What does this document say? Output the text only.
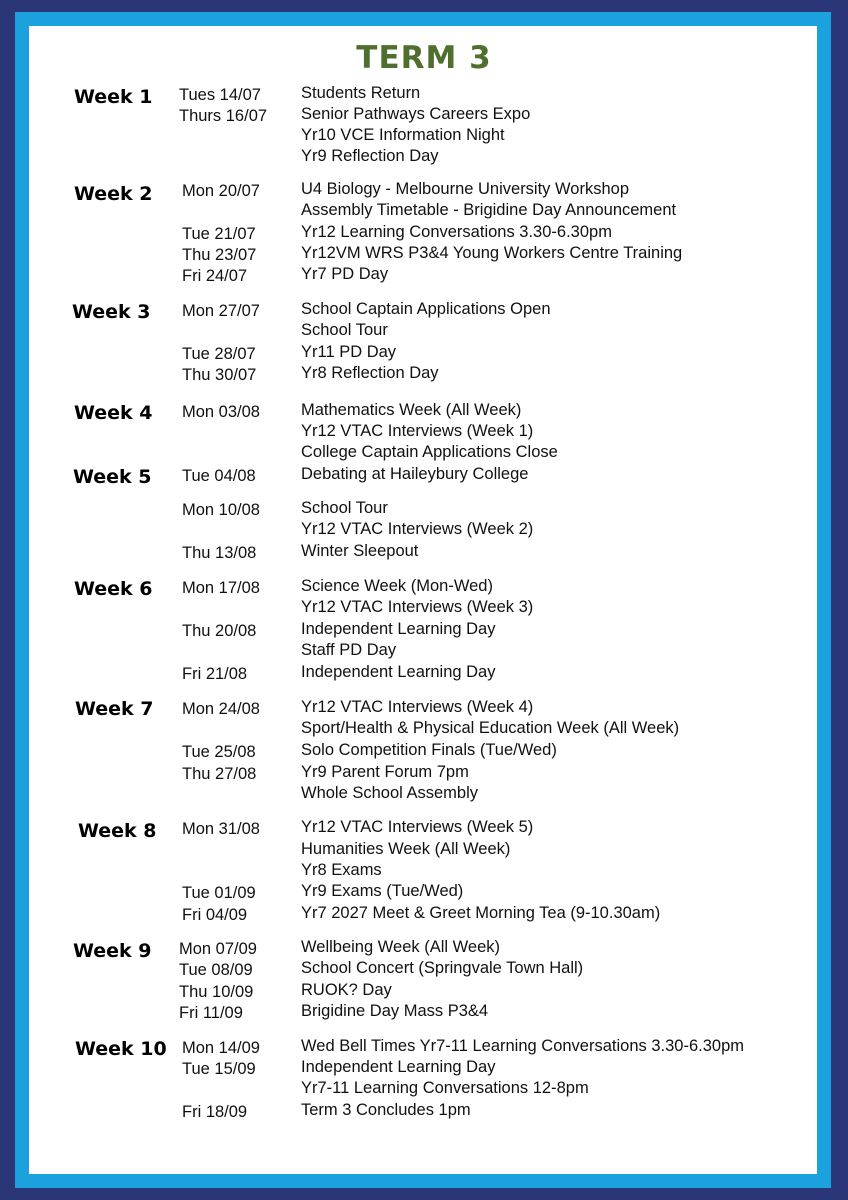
TERM 3
Week 1 Tues 14/07 Students Return
Thurs 16/07 Senior Pathways Careers Expo
Yr10 VCE Information Night
Yr9 Reflection Day
Week 2 Mon 20/07 U4 Biology - Melbourne University Workshop
Assembly Timetable - Brigidine Day Announcement
Tue 21/07	Yr12 Learning Conversations 3.30-6.30pm
Thu 23/07	Yr12VM WRS P3&4 Young Workers Centre Training
Fri 24/07	Yr7 PD Day
Week 3 Mon 27/07 School Captain Applications Open
School Tour
Tue 28/07	Yr11 PD Day
Thu 30/07	Yr8 Reflection Day
Week 4 Mon 03/08 Mathematics Week (All Week)
Yr12 VTAC Interviews (Week 1)
College Captain Applications Close
Week 5 Tue 04/08	Debating at Haileybury College
Mon 10/08 School Tour
Yr12 VTAC Interviews (Week 2)
Thu 13/08	Winter Sleepout
Week 6 Mon 17/08 Science Week (Mon-Wed)
Yr12 VTAC Interviews (Week 3)
Thu 20/08	Independent Learning Day
Staff PD Day
Fri 21/08	Independent Learning Day
Week 7 Mon 24/08 Yr12 VTAC Interviews (Week 4)
Sport/Health & Physical Education Week (All Week)
Tue 25/08	Solo Competition Finals (Tue/Wed)
Thu 27/08	Yr9 Parent Forum 7pm
Whole School Assembly
Week 8 Mon 31/08 Yr12 VTAC Interviews (Week 5)
Humanities Week (All Week)
Yr8 Exams
Tue 01/09	Yr9 Exams (Tue/Wed)
Fri 04/09	Yr7 2027 Meet & Greet Morning Tea (9-10.30am)
Week 9 Mon 07/09	Wellbeing Week (All Week)
Tue 08/09	School Concert (Springvale Town Hall)
Thu 10/09	RUOK? Day
Fri 11/09	Brigidine Day Mass P3&4
Week 10 Mon 14/09 Wed Bell Times Yr7-11 Learning Conversations 3.30-6.30pm
Tue 15/09	Independent Learning Day
Yr7-11 Learning Conversations 12-8pm
Fri 18/09	Term 3 Concludes 1pm
